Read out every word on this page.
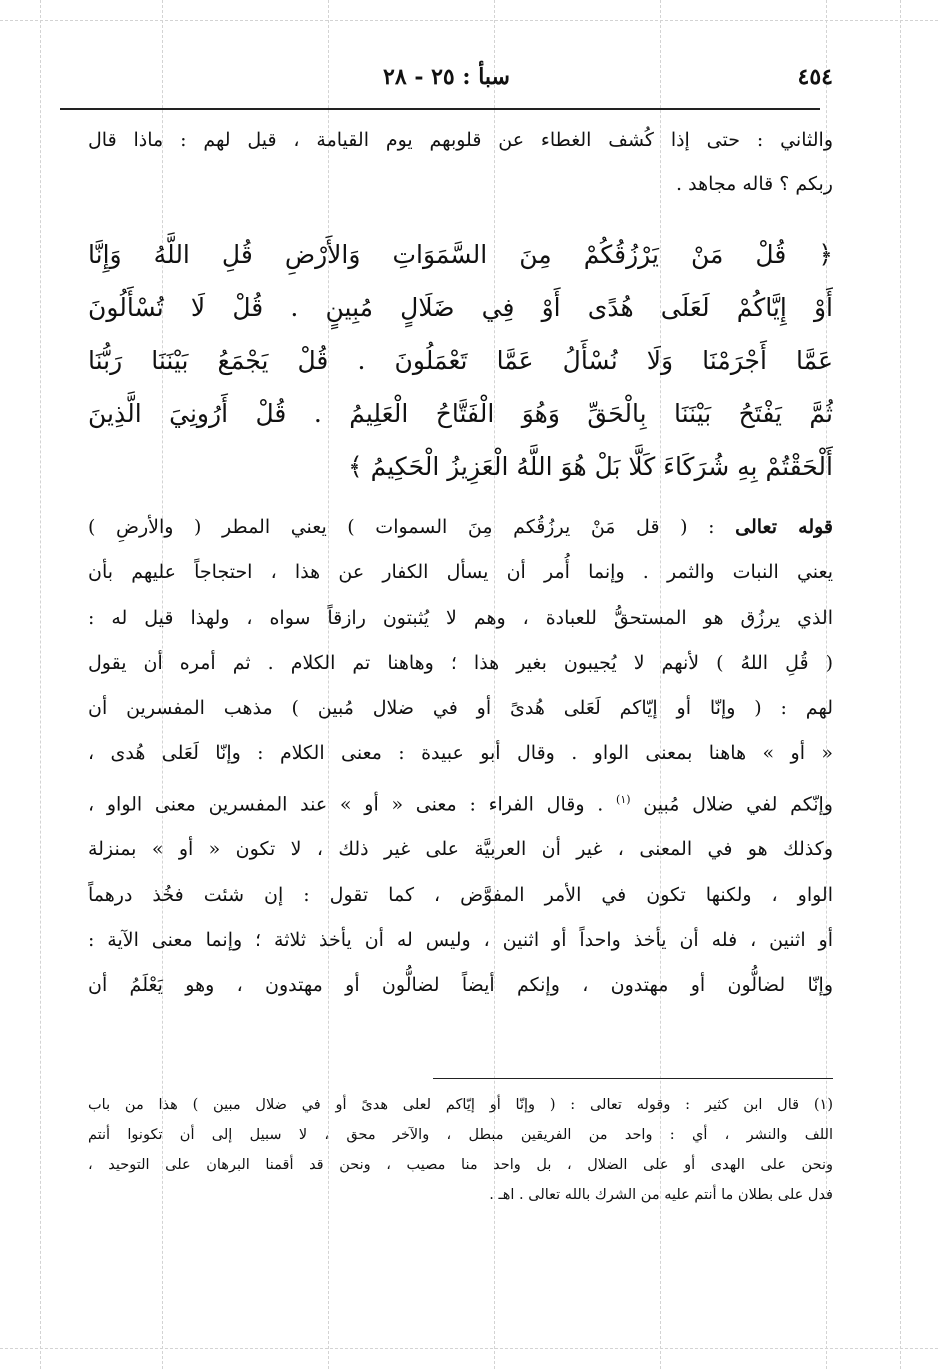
٤٥٤
سبأ : ٢٥ - ٢٨
والثاني : حتى إذا كُشف الغطاء عن قلوبهم يوم القيامة ، قيل لهم : ماذا قال
ربكم ؟ قاله مجاهد .
﴿ قُلْ مَنْ يَرْزُقُكُمْ مِنَ السَّمَوَاتِ وَالأَرْضِ قُلِ اللَّهُ وَإِنَّا
أَوْ إِيَّاكُمْ لَعَلَى هُدًى أَوْ فِي ضَلَالٍ مُبِينٍ . قُلْ لَا تُسْأَلُونَ
عَمَّا أَجْرَمْنَا وَلَا نُسْأَلُ عَمَّا تَعْمَلُونَ . قُلْ يَجْمَعُ بَيْنَنَا رَبُّنَا
ثُمَّ يَفْتَحُ بَيْنَنَا بِالْحَقِّ وَهُوَ الْفَتَّاحُ الْعَلِيمُ . قُلْ أَرُونِيَ الَّذِينَ
أَلْحَقْتُمْ بِهِ شُرَكَاءَ كَلَّا بَلْ هُوَ اللَّهُ الْعَزِيزُ الْحَكِيمُ ﴾
قوله تعالى : ( قل مَنْ يرزُقُكم مِنَ السموات ) يعني المطر ( والأرضِ )
يعني النبات والثمر . وإنما أُمر أن يسأل الكفار عن هذا ، احتجاجاً عليهم بأن
الذي يرزُق هو المستحقُّ للعبادة ، وهم لا يُثبتون رازقاً سواه ، ولهذا قيل له :
( قُلِ اللهُ ) لأنهم لا يُجيبون بغير هذا ؛ وهاهنا تم الكلام . ثم أمره أن يقول
لهم : ( وإنّا أو إيّاكم لَعَلى هُدىً أو في ضلال مُبين ) مذهب المفسرين أن
« أو » هاهنا بمعنى الواو . وقال أبو عبيدة : معنى الكلام : وإنّا لَعَلى هُدى ،
وإنّكم لفي ضلال مُبين $^{(١)}$ . وقال الفراء : معنى « أو » عند المفسرين معنى الواو ،
وكذلك هو في المعنى ، غير أن العربيَّة على غير ذلك ، لا تكون « أو » بمنزلة
الواو ، ولكنها تكون في الأمر المفوَّض ، كما تقول : إن شئت فخُذ درهماً
أو اثنين ، فله أن يأخذ واحداً أو اثنين ، وليس له أن يأخذ ثلاثة ؛ وإنما معنى الآية :
وإنّا لضالُّون أو مهتدون ، وإنكم أيضاً لضالُّون أو مهتدون ، وهو يَعْلَمُ أن
(١) قال ابن كثير : وقوله تعالى : ( وإنّا أو إيّاكم لعلى هدىً أو في ضلال مبين ) هذا من باب
اللف والنشر ، أي : واحد من الفريقين مبطل ، والآخر محق ، لا سبيل إلى أن تكونوا أنتم
ونحن على الهدى أو على الضلال ، بل واحد منا مصيب ، ونحن قد أقمنا البرهان على التوحيد ،
فدل على بطلان ما أنتم عليه من الشرك بالله تعالى . اهـ .
